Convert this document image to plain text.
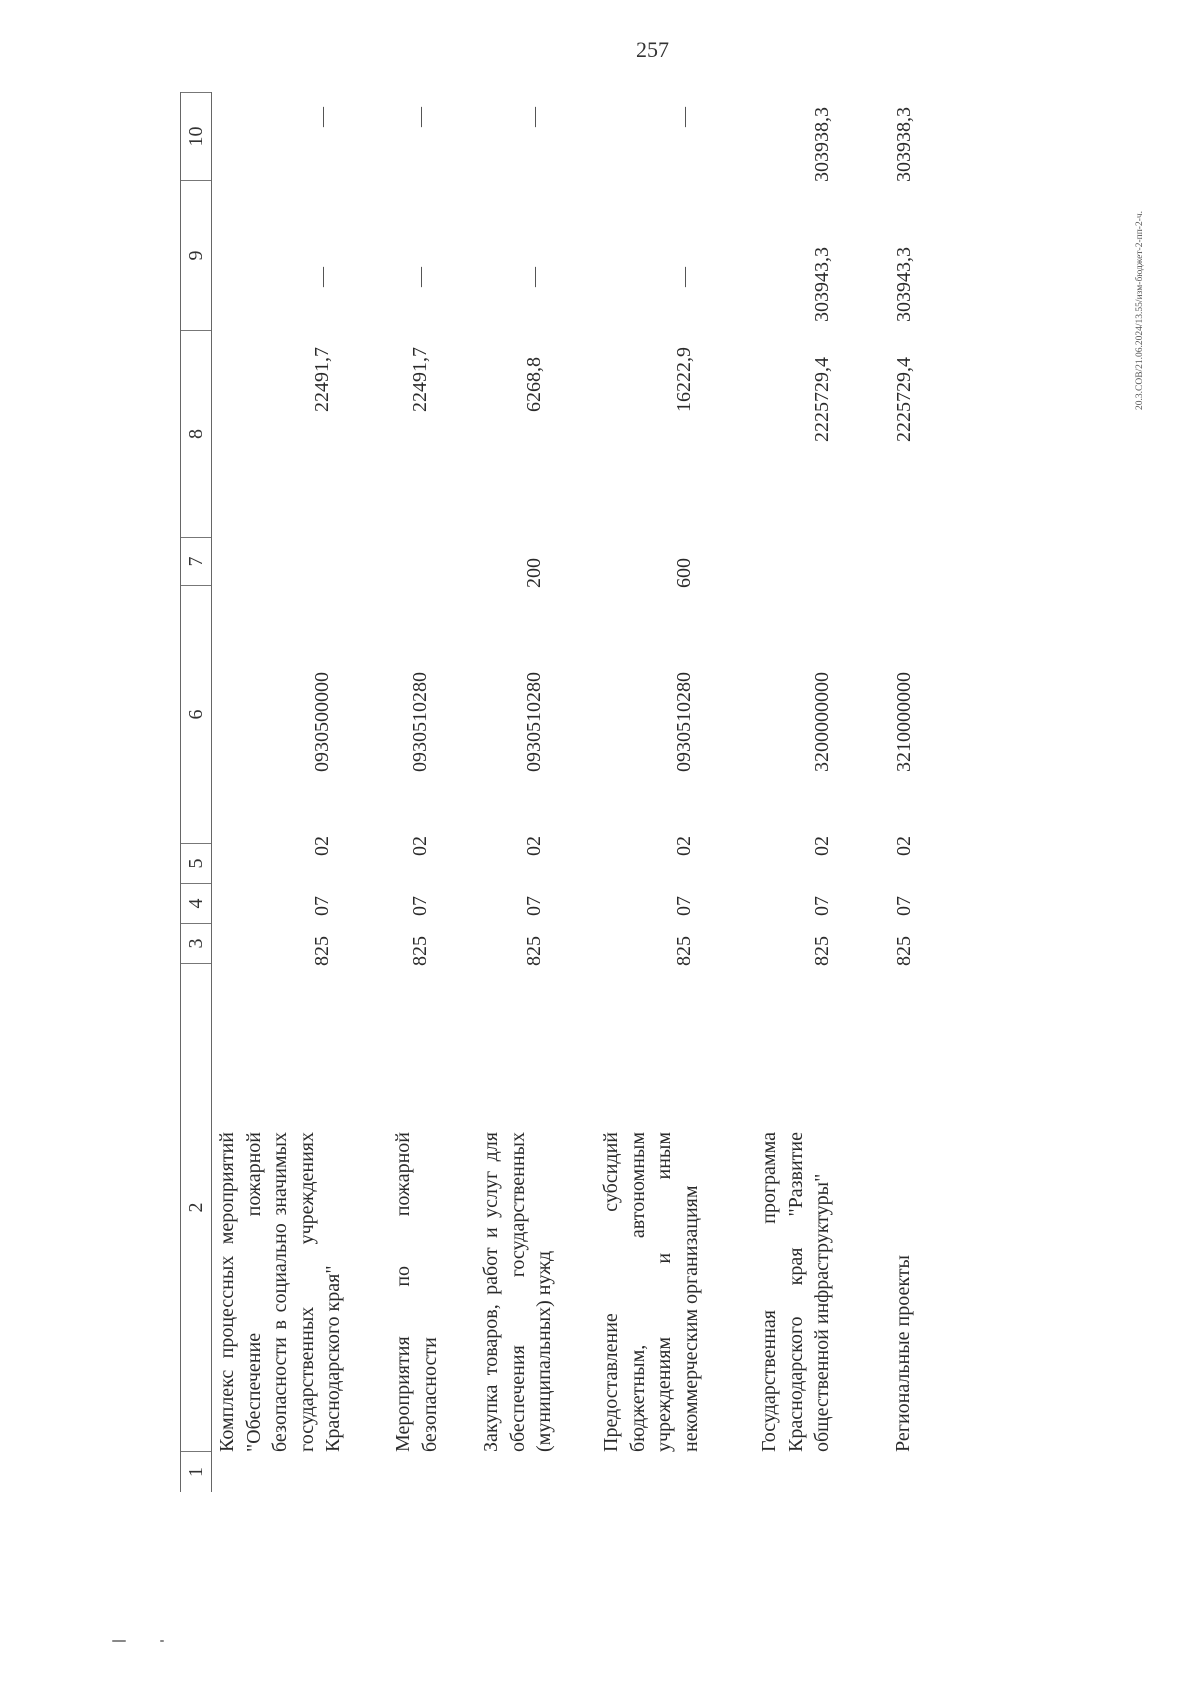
257
20.3.СОВ/21.06.2024/13.55/изм-бюджет-2-пп-2-ч.
1
2
3
4
5
6
7
8
9
10
Комплекс процессных мероприятий "Обеспечение пожарной безопасности в социально значимых государственных учреждениях Краснодарского края"
825
07
02
0930500000
22491,7
—
—
Мероприятия по пожарной безопасности
825
07
02
0930510280
22491,7
—
—
Закупка товаров, работ и услуг для обеспечения государственных (муниципальных) нужд
825
07
02
0930510280
200
6268,8
—
—
Предоставление субсидий бюджетным, автономным учреждениям и иным некоммерческим организациям
825
07
02
0930510280
600
16222,9
—
—
Государственная программа Краснодарского края "Развитие общественной инфраструктуры"
825
07
02
3200000000
2225729,4
303943,3
303938,3
Региональные проекты
825
07
02
3210000000
2225729,4
303943,3
303938,3
